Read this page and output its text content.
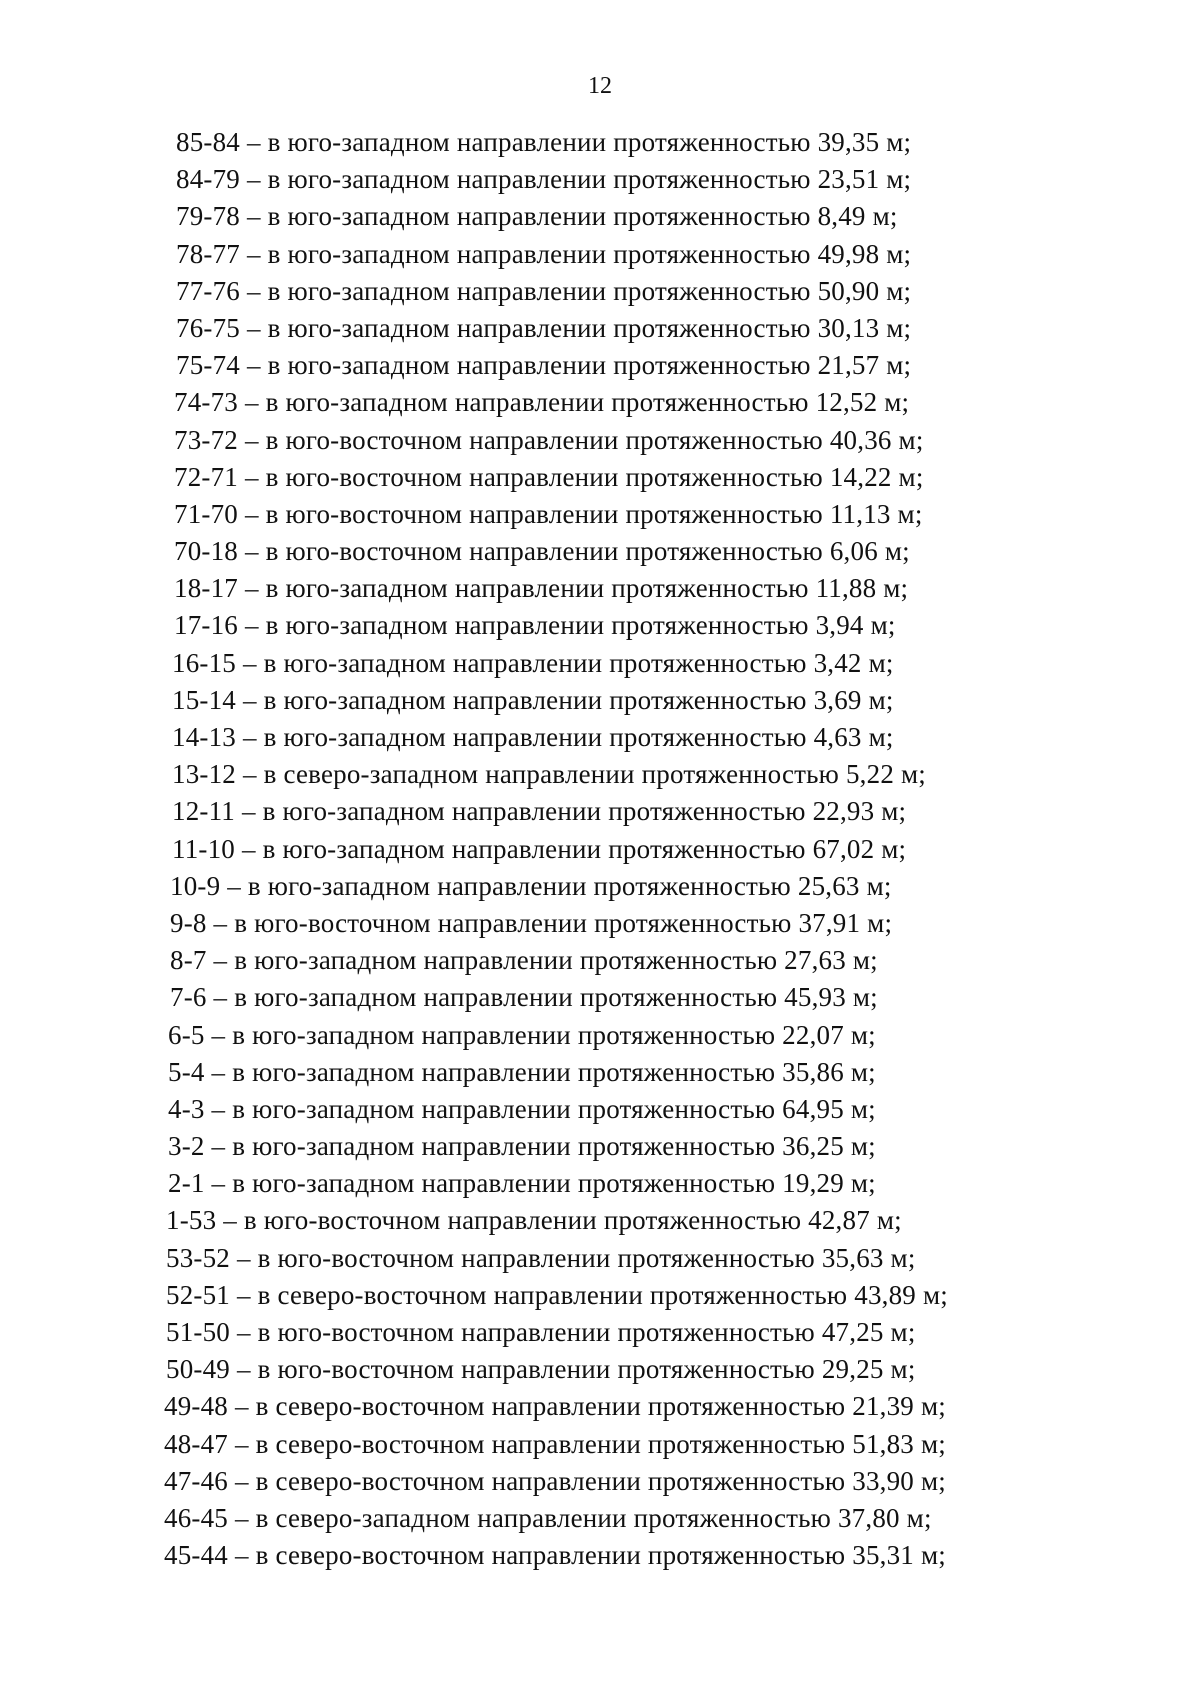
12
85-84 – в юго-западном направлении протяженностью 39,35 м;
84-79 – в юго-западном направлении протяженностью 23,51 м;
79-78 – в юго-западном направлении протяженностью 8,49 м;
78-77 – в юго-западном направлении протяженностью 49,98 м;
77-76 – в юго-западном направлении протяженностью 50,90 м;
76-75 – в юго-западном направлении протяженностью 30,13 м;
75-74 – в юго-западном направлении протяженностью 21,57 м;
74-73 – в юго-западном направлении протяженностью 12,52 м;
73-72 – в юго-восточном направлении протяженностью 40,36 м;
72-71 – в юго-восточном направлении протяженностью 14,22 м;
71-70 – в юго-восточном направлении протяженностью 11,13 м;
70-18 – в юго-восточном направлении протяженностью 6,06 м;
18-17 – в юго-западном направлении протяженностью 11,88 м;
17-16 – в юго-западном направлении протяженностью 3,94 м;
16-15 – в юго-западном направлении протяженностью 3,42 м;
15-14 – в юго-западном направлении протяженностью 3,69 м;
14-13 – в юго-западном направлении протяженностью 4,63 м;
13-12 – в северо-западном направлении протяженностью 5,22 м;
12-11 – в юго-западном направлении протяженностью 22,93 м;
11-10 – в юго-западном направлении протяженностью 67,02 м;
10-9 – в юго-западном направлении протяженностью 25,63 м;
9-8 – в юго-восточном направлении протяженностью 37,91 м;
8-7 – в юго-западном направлении протяженностью 27,63 м;
7-6 – в юго-западном направлении протяженностью 45,93 м;
6-5 – в юго-западном направлении протяженностью 22,07 м;
5-4 – в юго-западном направлении протяженностью 35,86 м;
4-3 – в юго-западном направлении протяженностью 64,95 м;
3-2 – в юго-западном направлении протяженностью 36,25 м;
2-1 – в юго-западном направлении протяженностью 19,29 м;
1-53 – в юго-восточном направлении протяженностью 42,87 м;
53-52 – в юго-восточном направлении протяженностью 35,63 м;
52-51 – в северо-восточном направлении протяженностью 43,89 м;
51-50 – в юго-восточном направлении протяженностью 47,25 м;
50-49 – в юго-восточном направлении протяженностью 29,25 м;
49-48 – в северо-восточном направлении протяженностью 21,39 м;
48-47 – в северо-восточном направлении протяженностью 51,83 м;
47-46 – в северо-восточном направлении протяженностью 33,90 м;
46-45 – в северо-западном направлении протяженностью 37,80 м;
45-44 – в северо-восточном направлении протяженностью 35,31 м;
